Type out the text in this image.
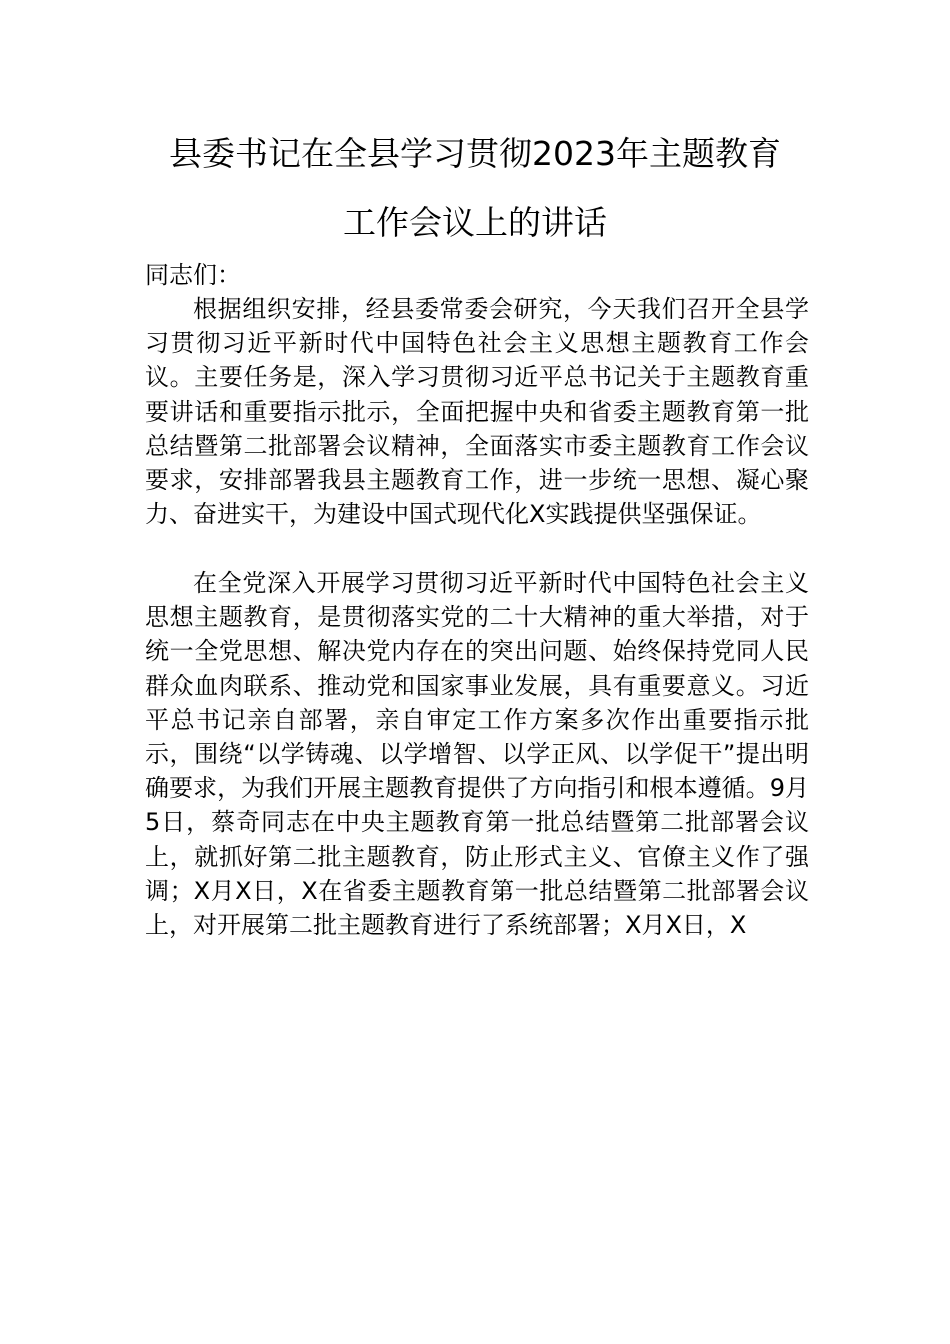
县委书记在全县学习贯彻2023年主题教育
工作会议上的讲话
同志们：

根据组织安排，经县委常委会研究，今天我们召开全县学习贯彻习近平新时代中国特色社会主义思想主题教育工作会议。主要任务是，深入学习贯彻习近平总书记关于主题教育重要讲话和重要指示批示，全面把握中央和省委主题教育第一批总结暨第二批部署会议精神，全面落实市委主题教育工作会议要求，安排部署我县主题教育工作，进一步统一思想、凝心聚力、奋进实干，为建设中国式现代化X实践提供坚强保证。

在全党深入开展学习贯彻习近平新时代中国特色社会主义思想主题教育，是贯彻落实党的二十大精神的重大举措，对于统一全党思想、解决党内存在的突出问题、始终保持党同人民群众血肉联系、推动党和国家事业发展，具有重要意义。习近平总书记亲自部署，亲自审定工作方案多次作出重要指示批示，围绕“以学铸魂、以学增智、以学正风、以学促干”提出明确要求，为我们开展主题教育提供了方向指引和根本遵循。9月5日，蔡奇同志在中央主题教育第一批总结暨第二批部署会议上，就抓好第二批主题教育，防止形式主义、官僚主义作了强调；X月X日，X在省委主题教育第一批总结暨第二批部署会议上，对开展第二批主题教育进行了系统部署；X月X日，X
